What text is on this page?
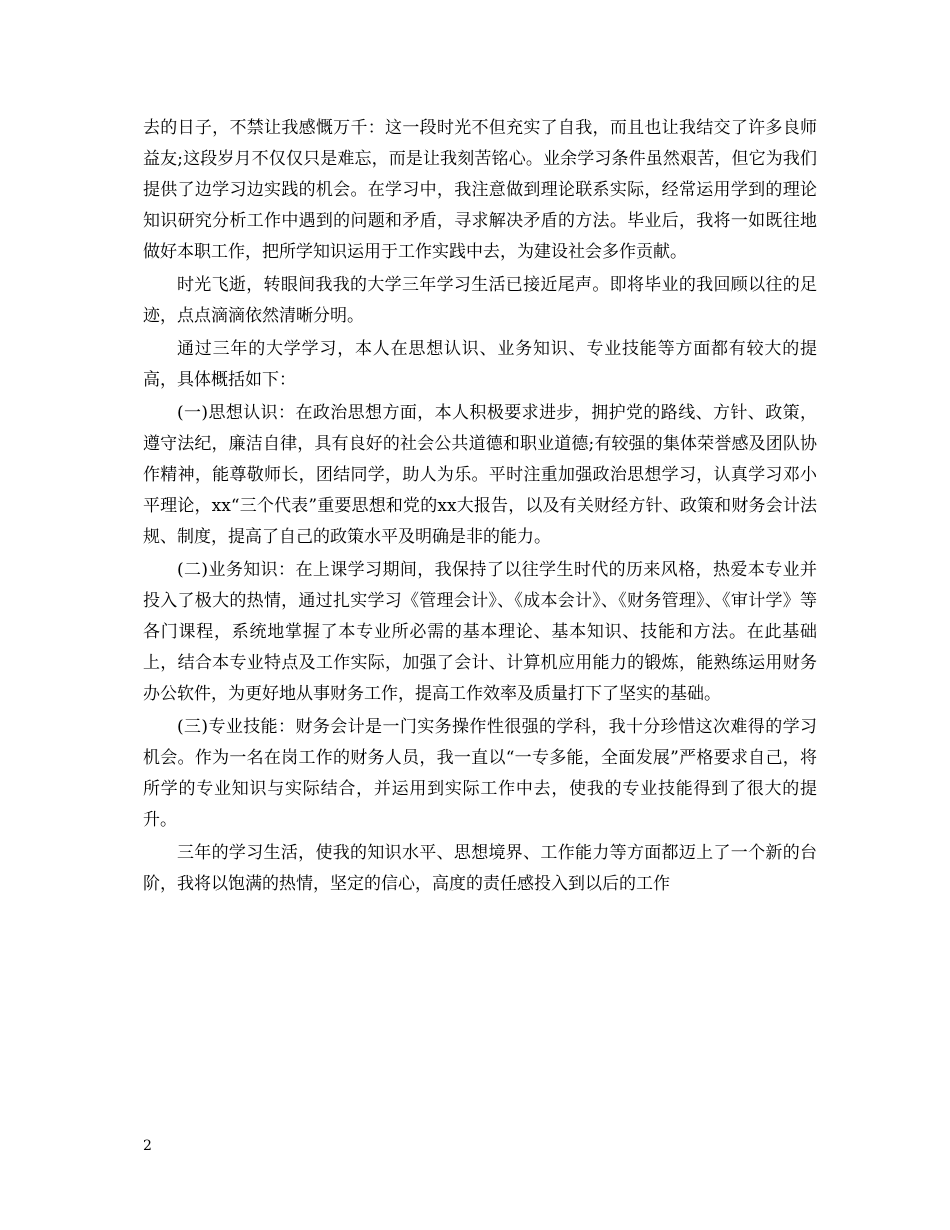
去的日子，不禁让我感慨万千：这一段时光不但充实了自我，而且也让我结交了许多良师益友;这段岁月不仅仅只是难忘，而是让我刻苦铭心。业余学习条件虽然艰苦，但它为我们提供了边学习边实践的机会。在学习中，我注意做到理论联系实际，经常运用学到的理论知识研究分析工作中遇到的问题和矛盾，寻求解决矛盾的方法。毕业后，我将一如既往地做好本职工作，把所学知识运用于工作实践中去，为建设社会多作贡献。

时光飞逝，转眼间我我的大学三年学习生活已接近尾声。即将毕业的我回顾以往的足迹，点点滴滴依然清晰分明。

通过三年的大学学习，本人在思想认识、业务知识、专业技能等方面都有较大的提高，具体概括如下：

(一)思想认识：在政治思想方面，本人积极要求进步，拥护党的路线、方针、政策，遵守法纪，廉洁自律，具有良好的社会公共道德和职业道德;有较强的集体荣誉感及团队协作精神，能尊敬师长，团结同学，助人为乐。平时注重加强政治思想学习，认真学习邓小平理论，xx“三个代表”重要思想和党的xx大报告，以及有关财经方针、政策和财务会计法规、制度，提高了自己的政策水平及明确是非的能力。

(二)业务知识：在上课学习期间，我保持了以往学生时代的历来风格，热爱本专业并投入了极大的热情，通过扎实学习《管理会计》、《成本会计》、《财务管理》、《审计学》等各门课程，系统地掌握了本专业所必需的基本理论、基本知识、技能和方法。在此基础上，结合本专业特点及工作实际，加强了会计、计算机应用能力的锻炼，能熟练运用财务办公软件，为更好地从事财务工作，提高工作效率及质量打下了坚实的基础。

(三)专业技能：财务会计是一门实务操作性很强的学科，我十分珍惜这次难得的学习机会。作为一名在岗工作的财务人员，我一直以“一专多能，全面发展”严格要求自己，将所学的专业知识与实际结合，并运用到实际工作中去，使我的专业技能得到了很大的提升。

三年的学习生活，使我的知识水平、思想境界、工作能力等方面都迈上了一个新的台阶，我将以饱满的热情，坚定的信心，高度的责任感投入到以后的工作

2
